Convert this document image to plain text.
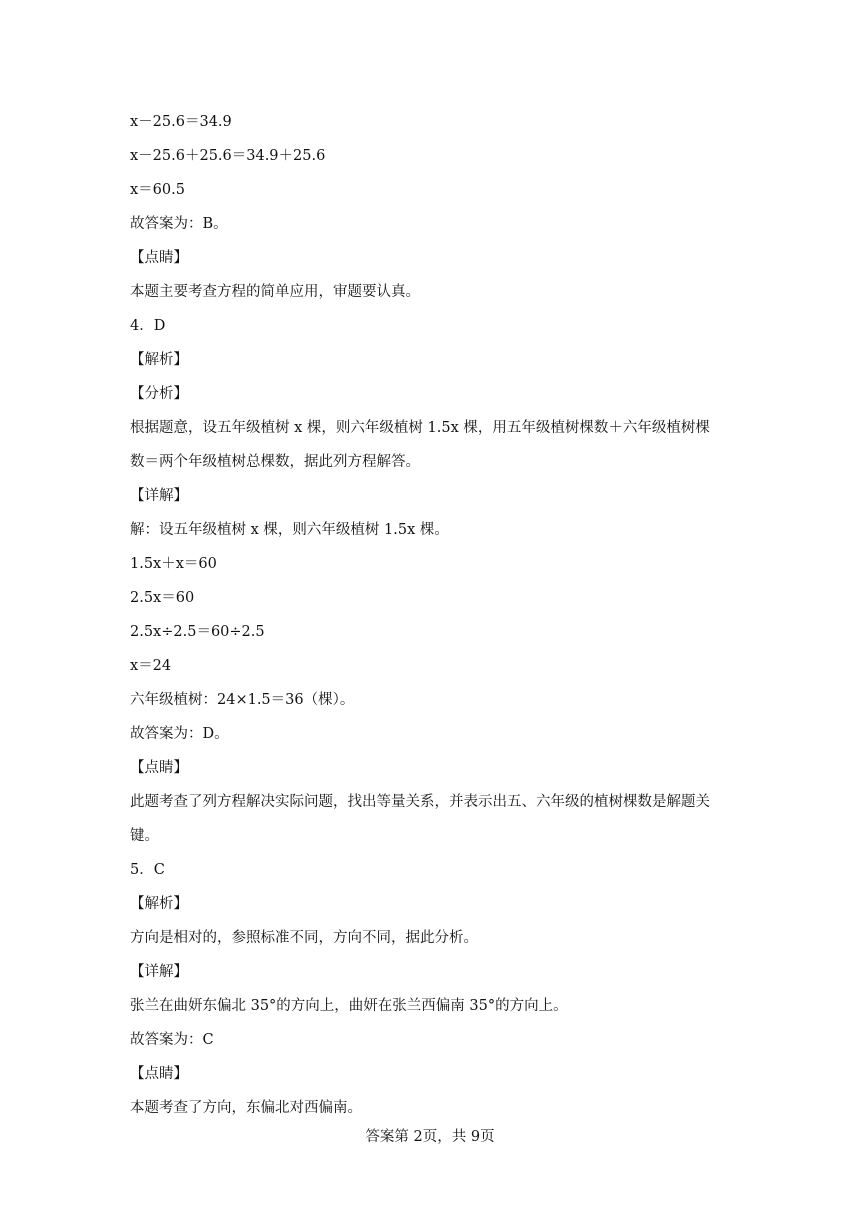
x－25.6＝34.9
x－25.6＋25.6＝34.9＋25.6
x＝60.5
故答案为：B。
【点睛】
本题主要考查方程的简单应用，审题要认真。
4．D
【解析】
【分析】
根据题意，设五年级植树 x 棵，则六年级植树 1.5x 棵，用五年级植树棵数＋六年级植树棵
数＝两个年级植树总棵数，据此列方程解答。
【详解】
解：设五年级植树 x 棵，则六年级植树 1.5x 棵。
1.5x＋x＝60
2.5x＝60
2.5x÷2.5＝60÷2.5
x＝24
六年级植树：24×1.5＝36（棵）。
故答案为：D。
【点睛】
此题考查了列方程解决实际问题，找出等量关系，并表示出五、六年级的植树棵数是解题关
键。
5．C
【解析】
方向是相对的，参照标准不同，方向不同，据此分析。
【详解】
张兰在曲妍东偏北 35°的方向上，曲妍在张兰西偏南 35°的方向上。
故答案为：C
【点睛】
本题考查了方向，东偏北对西偏南。
答案第 2页，共 9页
